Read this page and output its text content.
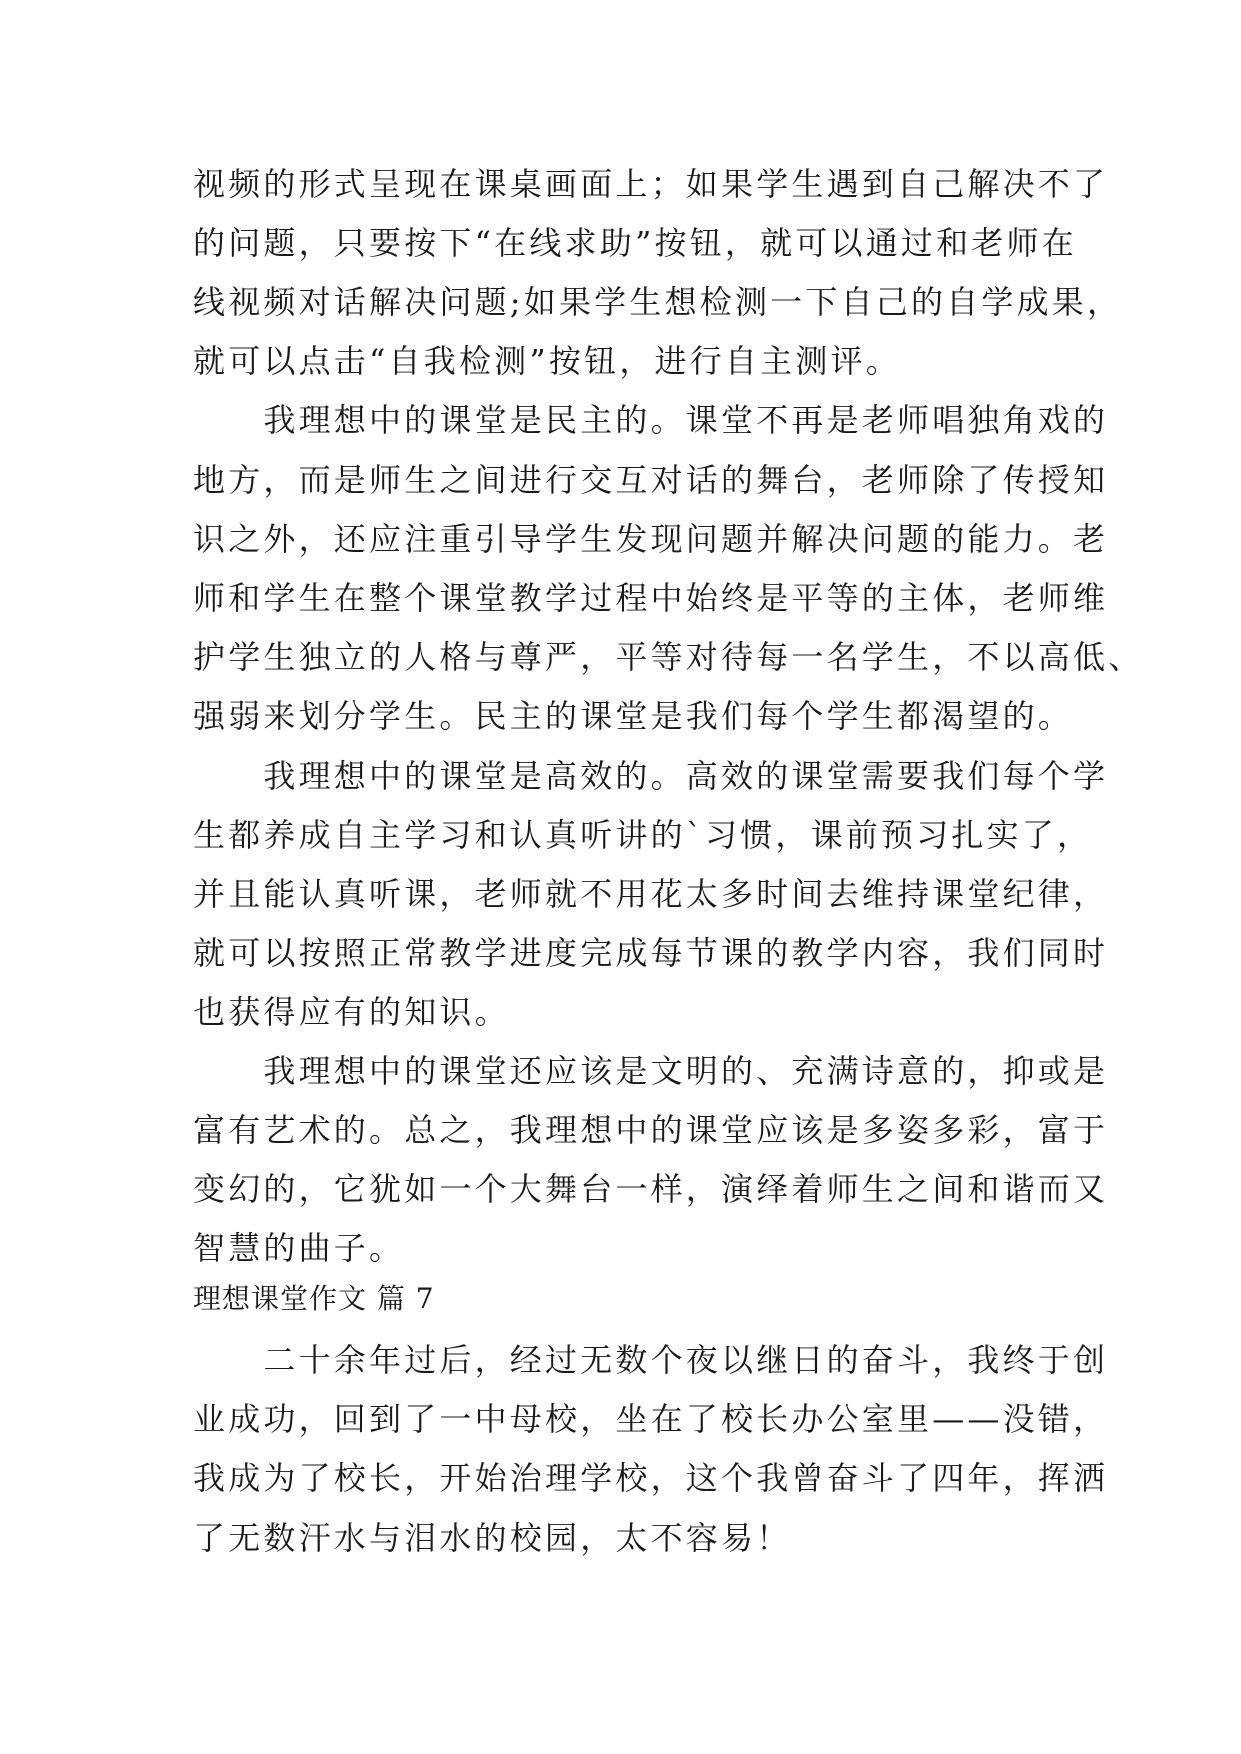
视频的形式呈现在课桌画面上；如果学生遇到自己解决不了
的问题，只要按下“在线求助”按钮，就可以通过和老师在
线视频对话解决问题;如果学生想检测一下自己的自学成果，
就可以点击“自我检测”按钮，进行自主测评。
　　我理想中的课堂是民主的。课堂不再是老师唱独角戏的
地方，而是师生之间进行交互对话的舞台，老师除了传授知
识之外，还应注重引导学生发现问题并解决问题的能力。老
师和学生在整个课堂教学过程中始终是平等的主体，老师维
护学生独立的人格与尊严，平等对待每一名学生，不以高低、
强弱来划分学生。民主的课堂是我们每个学生都渴望的。
　　我理想中的课堂是高效的。高效的课堂需要我们每个学
生都养成自主学习和认真听讲的`习惯，课前预习扎实了，
并且能认真听课，老师就不用花太多时间去维持课堂纪律，
就可以按照正常教学进度完成每节课的教学内容，我们同时
也获得应有的知识。
　　我理想中的课堂还应该是文明的、充满诗意的，抑或是
富有艺术的。总之，我理想中的课堂应该是多姿多彩，富于
变幻的，它犹如一个大舞台一样，演绎着师生之间和谐而又
智慧的曲子。
理想课堂作文 篇 7
　　二十余年过后，经过无数个夜以继日的奋斗，我终于创
业成功，回到了一中母校，坐在了校长办公室里——没错，
我成为了校长，开始治理学校，这个我曾奋斗了四年，挥洒
了无数汗水与泪水的校园，太不容易！
